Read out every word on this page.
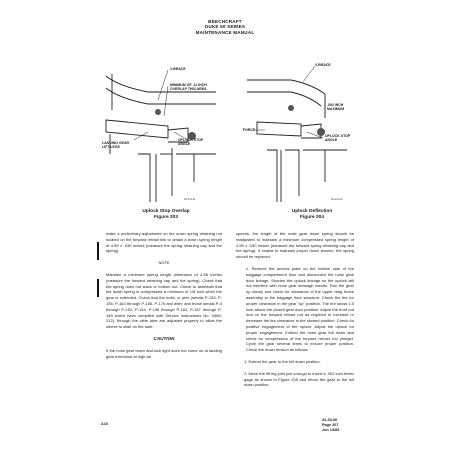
BEECHCRAFT
DUKE 60 SERIES
MAINTENANCE MANUAL
V-BRACE
MINIMUM OF .11 INCH
OVERLAP THIS AREA
LANDING GEAR
LIFT LEGS
UPLOCK STOP
ANGLE
60-211-11
V-BRACE
.002 INCH
MAXIMUM
FORCE
UPLOCK STOP
ANGLE
60-211-12
Uplock Stop Overlap
Figure 203
Uplock Deflection
Figure 204

make a preliminary adjustment on the down spring retaining nut located on the forward retract link to obtain a down spring length of 4.59 ± .030 inches (measure the spring retaining cap and the spring).

NOTE

Maintain a minimum spring length dimension of 4.56 inches (measure the forward retaining cap and the spring). Check that the spring does not stack or bottom out. Check to assertain that the down spring is compressed a minimum of 1/8 inch when the gear is extended. Check that the bolts, or pins (serials P-153, P-155, P-163 through P-166, P-170 and after, and those serials P-4 through P-152, P-154, P-156 through P-162, P-167 through P-169 which have complied with Service Instructions No. 0460-212), through the slide tube are adjusted properly to allow the sleeve to slide on the tube.

CAUTION

If the nose gear down and lock light does not come on at landing gear extension at high air

speeds, the length of the nose gear down spring should be readjusted to maintain a minimum compressed spring length of 4.59 ± .030 inches (measure the forward spring retaining cap and the spring). If unable to maintain proper down tension, the spring should be replaced.

x. Remove the access plate on the bottom side of the baggage compartment floor and disconnect the nose gear door linkage. Shorten the uplock linkage so the uplock will not interfere with nose gear stowage checks. Run the gear up slowly and check for clearance of the upper drag brace assembly to the baggage floor structure. Check the tire for proper clearance in the gear "up" position. The tire stows 1.0 inch above the closed gear door position. Adjust the front rod end on the forward retract rod as required to increase or decrease the tire clearance in the stowed position. Check for positive engagement of the uplock. Adjust the uplock for proper engagement. Extend the nose gear full down and check for compression of the forward retract rod plunger. Cycle the gear several times to ensure proper position. Check the down tension as follows:

1. Extend the gear to the full down position.

2. Move the lift leg joint just enough to insert a .002 inch feeler gage as shown in Figure 205 and return the gear to the full down position.

A16
32-30-00
Page 207
Jun 13/84
